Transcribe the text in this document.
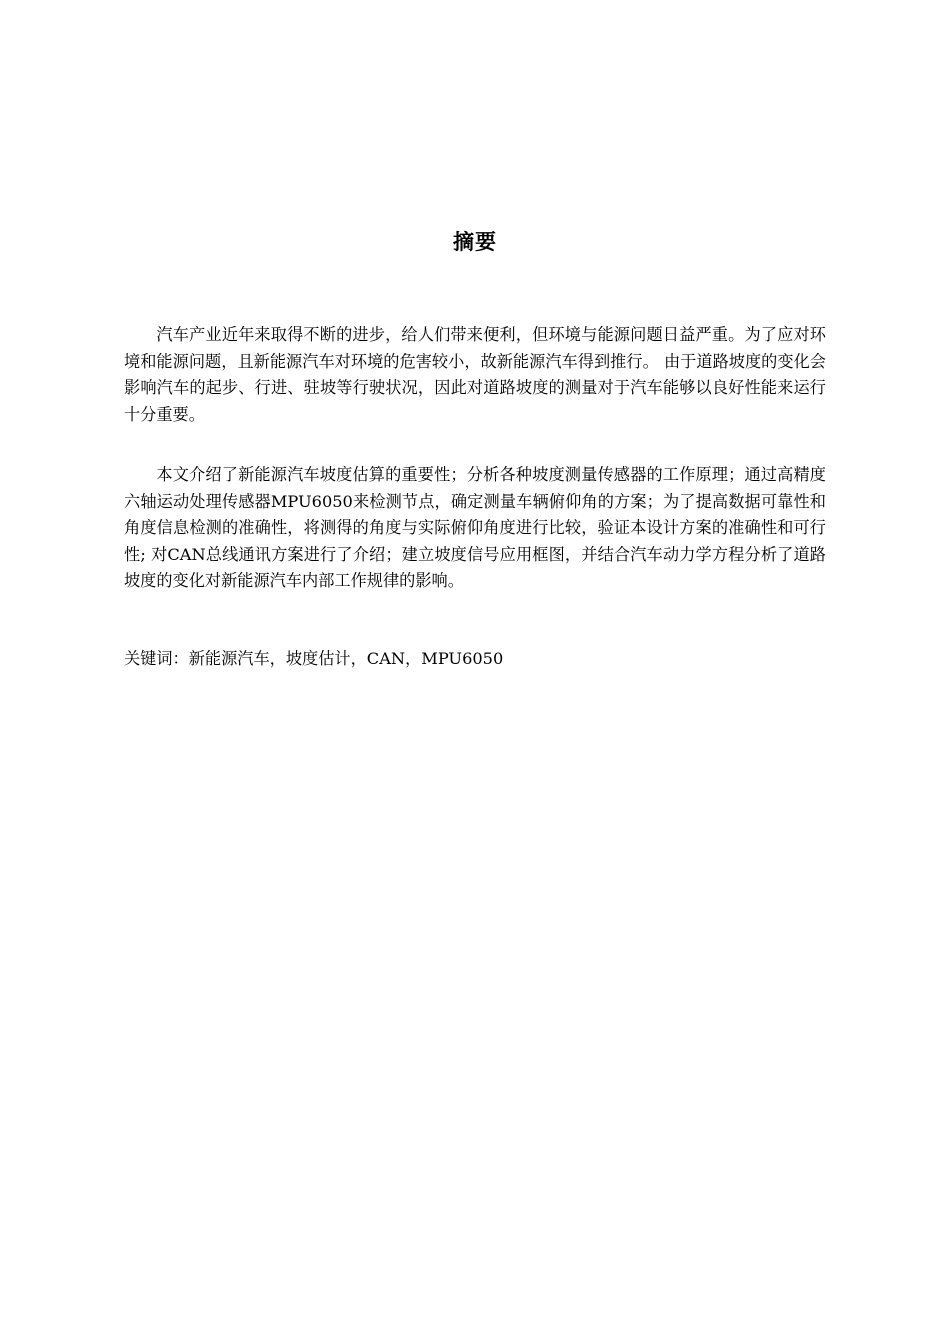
摘要

汽车产业近年来取得不断的进步，给人们带来便利，但环境与能源问题日益严重。为了应对环境和能源问题，且新能源汽车对环境的危害较小，故新能源汽车得到推行。 由于道路坡度的变化会影响汽车的起步、行进、驻坡等行驶状况，因此对道路坡度的测量对于汽车能够以良好性能来运行十分重要。

本文介绍了新能源汽车坡度估算的重要性；分析各种坡度测量传感器的工作原理；通过高精度六轴运动处理传感器MPU6050来检测节点，确定测量车辆俯仰角的方案；为了提高数据可靠性和角度信息检测的准确性，将测得的角度与实际俯仰角度进行比较，验证本设计方案的准确性和可行性; 对CAN总线通讯方案进行了介绍；建立坡度信号应用框图，并结合汽车动力学方程分析了道路坡度的变化对新能源汽车内部工作规律的影响。

关键词：新能源汽车，坡度估计，CAN，MPU6050
